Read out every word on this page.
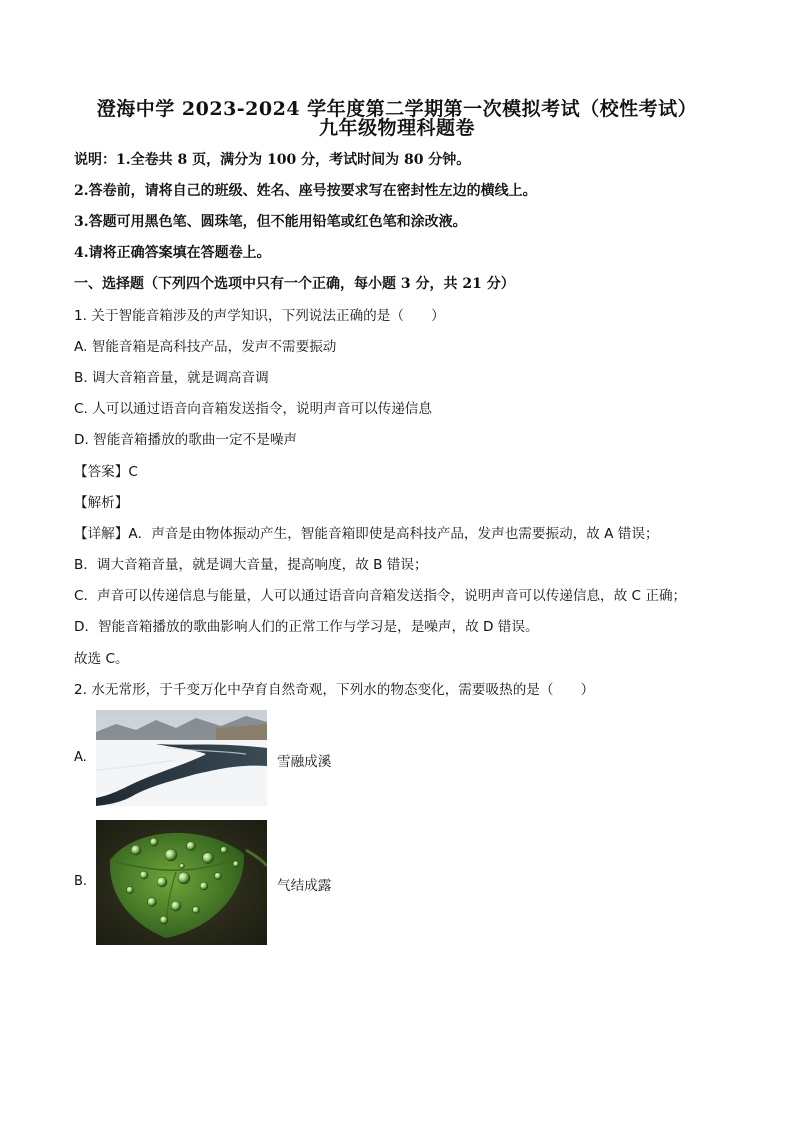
澄海中学 2023-2024 学年度第二学期第一次模拟考试（校性考试）
九年级物理科题卷
说明：1.全卷共 8 页，满分为 100 分，考试时间为 80 分钟。
2.答卷前，请将自己的班级、姓名、座号按要求写在密封性左边的横线上。
3.答题可用黑色笔、圆珠笔，但不能用铅笔或红色笔和涂改液。
4.请将正确答案填在答题卷上。
一、选择题（下列四个选项中只有一个正确，每小题 3 分，共 21 分）
1. 关于智能音箱涉及的声学知识，下列说法正确的是（　　）
A. 智能音箱是高科技产品，发声不需要振动
B. 调大音箱音量，就是调高音调
C. 人可以通过语音向音箱发送指令，说明声音可以传递信息
D. 智能音箱播放的歌曲一定不是噪声
【答案】C
【解析】
【详解】A．声音是由物体振动产生，智能音箱即使是高科技产品，发声也需要振动，故 A 错误；
B．调大音箱音量，就是调大音量，提高响度，故 B 错误；
C．声音可以传递信息与能量，人可以通过语音向音箱发送指令，说明声音可以传递信息，故 C 正确；
D．智能音箱播放的歌曲影响人们的正常工作与学习是，是噪声，故 D 错误。
故选 C。
2. 水无常形，于千变万化中孕育自然奇观，下列水的物态变化，需要吸热的是（　　）
A.	雪融成溪
B.	气结成露
